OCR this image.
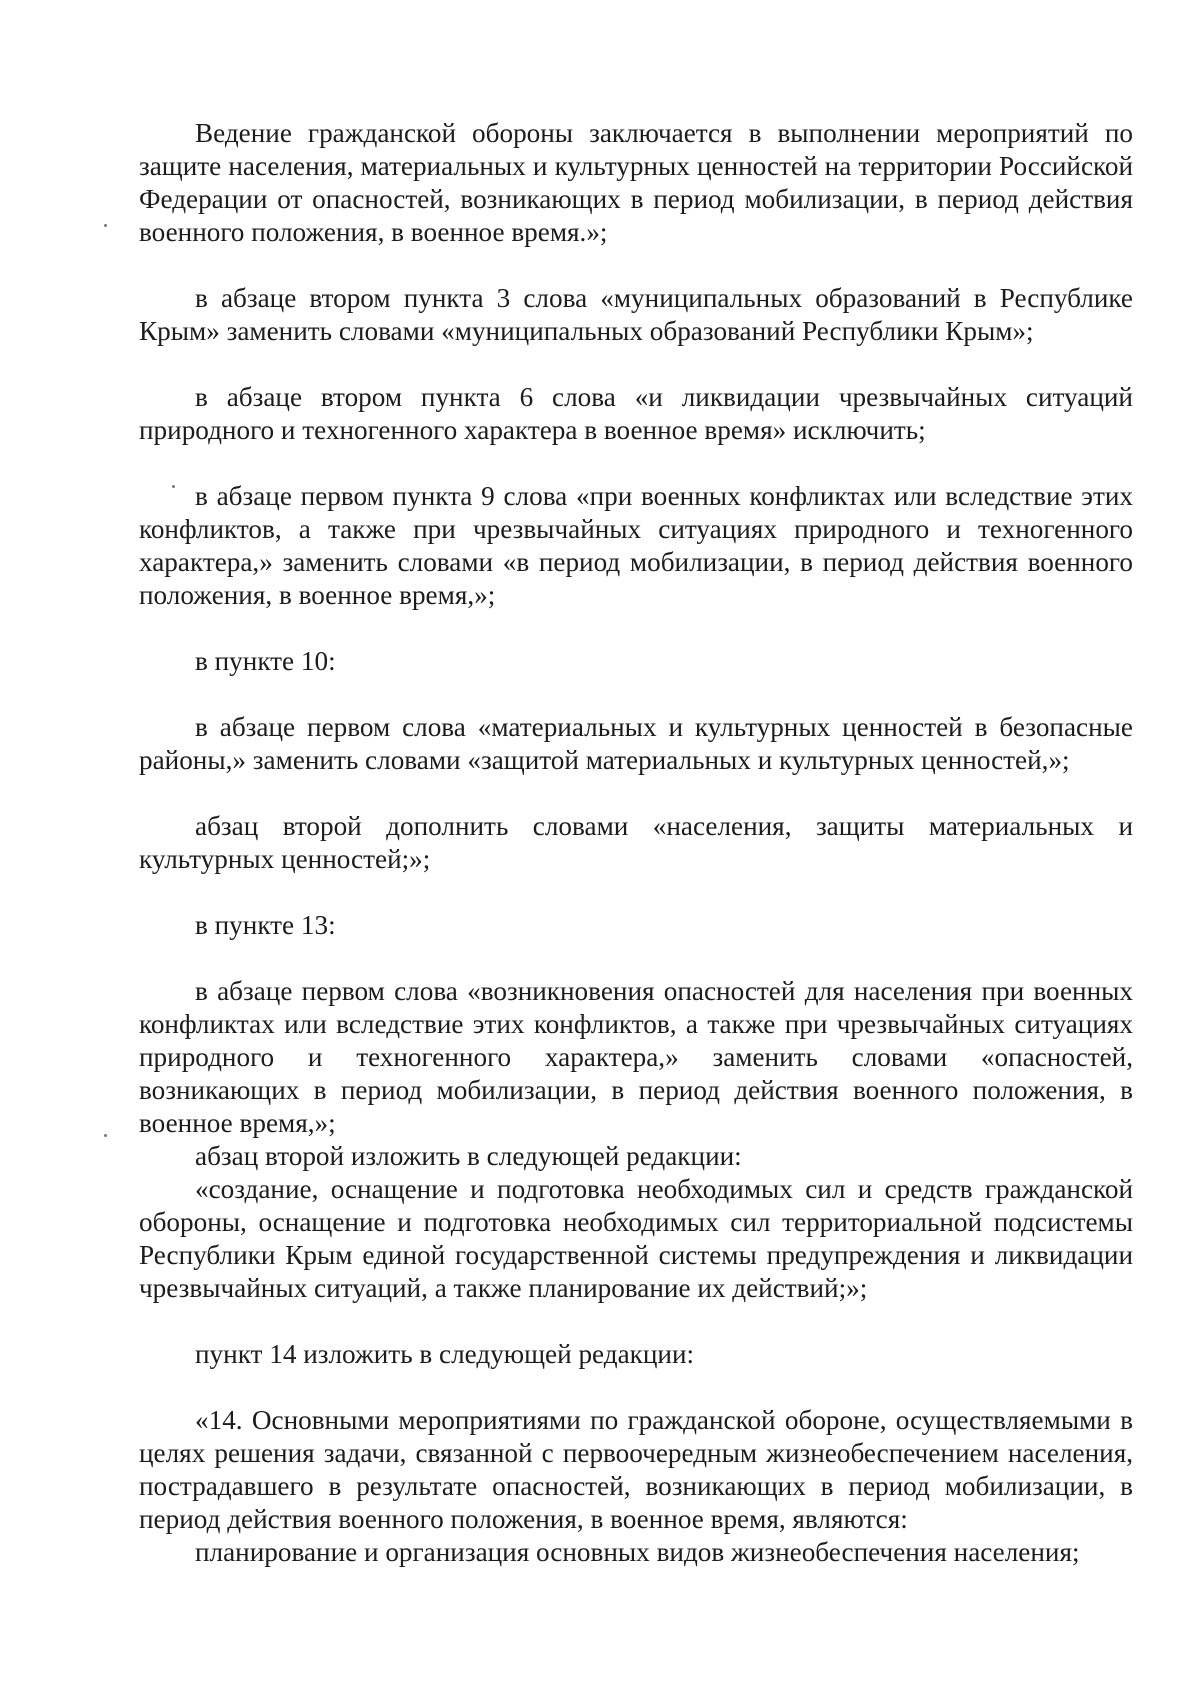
Ведение гражданской обороны заключается в выполнении мероприятий по защите населения, материальных и культурных ценностей на территории Российской Федерации от опасностей, возникающих в период мобилизации, в период действия военного положения, в военное время.»;

в абзаце втором пункта 3 слова «муниципальных образований в Республике Крым» заменить словами «муниципальных образований Республики Крым»;

в абзаце втором пункта 6 слова «и ликвидации чрезвычайных ситуаций природного и техногенного характера в военное время» исключить;

в абзаце первом пункта 9 слова «при военных конфликтах или вследствие этих конфликтов, а также при чрезвычайных ситуациях природного и техногенного характера,» заменить словами «в период мобилизации, в период действия военного положения, в военное время,»;

в пункте 10:

в абзаце первом слова «материальных и культурных ценностей в безопасные районы,» заменить словами «защитой материальных и культурных ценностей,»;

абзац второй дополнить словами «населения, защиты материальных и культурных ценностей;»;

в пункте 13:

в абзаце первом слова «возникновения опасностей для населения при военных конфликтах или вследствие этих конфликтов, а также при чрезвычайных ситуациях природного и техногенного характера,» заменить словами «опасностей, возникающих в период мобилизации, в период действия военного положения, в военное время,»;

абзац второй изложить в следующей редакции:

«создание, оснащение и подготовка необходимых сил и средств гражданской обороны, оснащение и подготовка необходимых сил территориальной подсистемы Республики Крым единой государственной системы предупреждения и ликвидации чрезвычайных ситуаций, а также планирование их действий;»;

пункт 14 изложить в следующей редакции:

«14. Основными мероприятиями по гражданской обороне, осуществляемыми в целях решения задачи, связанной с первоочередным жизнеобеспечением населения, пострадавшего в результате опасностей, возникающих в период мобилизации, в период действия военного положения, в военное время, являются:

планирование и организация основных видов жизнеобеспечения населения;
